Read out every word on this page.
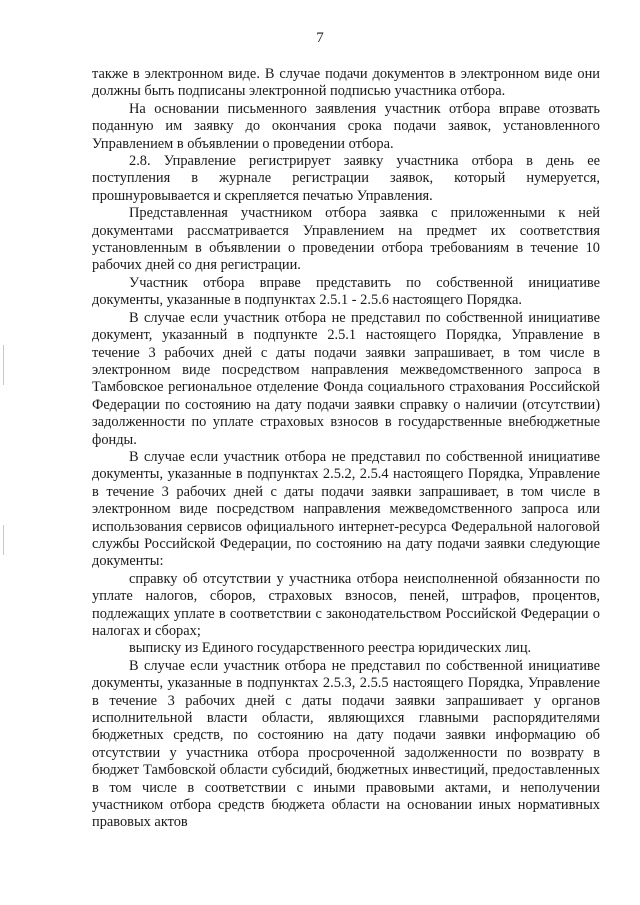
7

также в электронном виде. В случае подачи документов в электронном виде они должны быть подписаны электронной подписью участника отбора.

На основании письменного заявления участник отбора вправе отозвать поданную им заявку до окончания срока подачи заявок, установленного Управлением в объявлении о проведении отбора.

2.8. Управление регистрирует заявку участника отбора в день ее поступления в журнале регистрации заявок, который нумеруется, прошнуровывается и скрепляется печатью Управления.

Представленная участником отбора заявка с приложенными к ней документами рассматривается Управлением на предмет их соответствия установленным в объявлении о проведении отбора требованиям в течение 10 рабочих дней со дня регистрации.

Участник отбора вправе представить по собственной инициативе документы, указанные в подпунктах 2.5.1 - 2.5.6 настоящего Порядка.

В случае если участник отбора не представил по собственной инициативе документ, указанный в подпункте 2.5.1 настоящего Порядка, Управление в течение 3 рабочих дней с даты подачи заявки запрашивает, в том числе в электронном виде посредством направления межведомственного запроса в Тамбовское региональное отделение Фонда социального страхования Российской Федерации по состоянию на дату подачи заявки справку о наличии (отсутствии) задолженности по уплате страховых взносов в государственные внебюджетные фонды.

В случае если участник отбора не представил по собственной инициативе документы, указанные в подпунктах 2.5.2, 2.5.4 настоящего Порядка, Управление в течение 3 рабочих дней с даты подачи заявки запрашивает, в том числе в электронном виде посредством направления межведомственного запроса или использования сервисов официального интернет-ресурса Федеральной налоговой службы Российской Федерации, по состоянию на дату подачи заявки следующие документы:

справку об отсутствии у участника отбора неисполненной обязанности по уплате налогов, сборов, страховых взносов, пеней, штрафов, процентов, подлежащих уплате в соответствии с законодательством Российской Федерации о налогах и сборах;

выписку из Единого государственного реестра юридических лиц.

В случае если участник отбора не представил по собственной инициативе документы, указанные в подпунктах 2.5.3, 2.5.5 настоящего Порядка, Управление в течение 3 рабочих дней с даты подачи заявки запрашивает у органов исполнительной власти области, являющихся главными распорядителями бюджетных средств, по состоянию на дату подачи заявки информацию об отсутствии у участника отбора просроченной задолженности по возврату в бюджет Тамбовской области субсидий, бюджетных инвестиций, предоставленных в том числе в соответствии с иными правовыми актами, и неполучении участником отбора средств бюджета области на основании иных нормативных правовых актов
